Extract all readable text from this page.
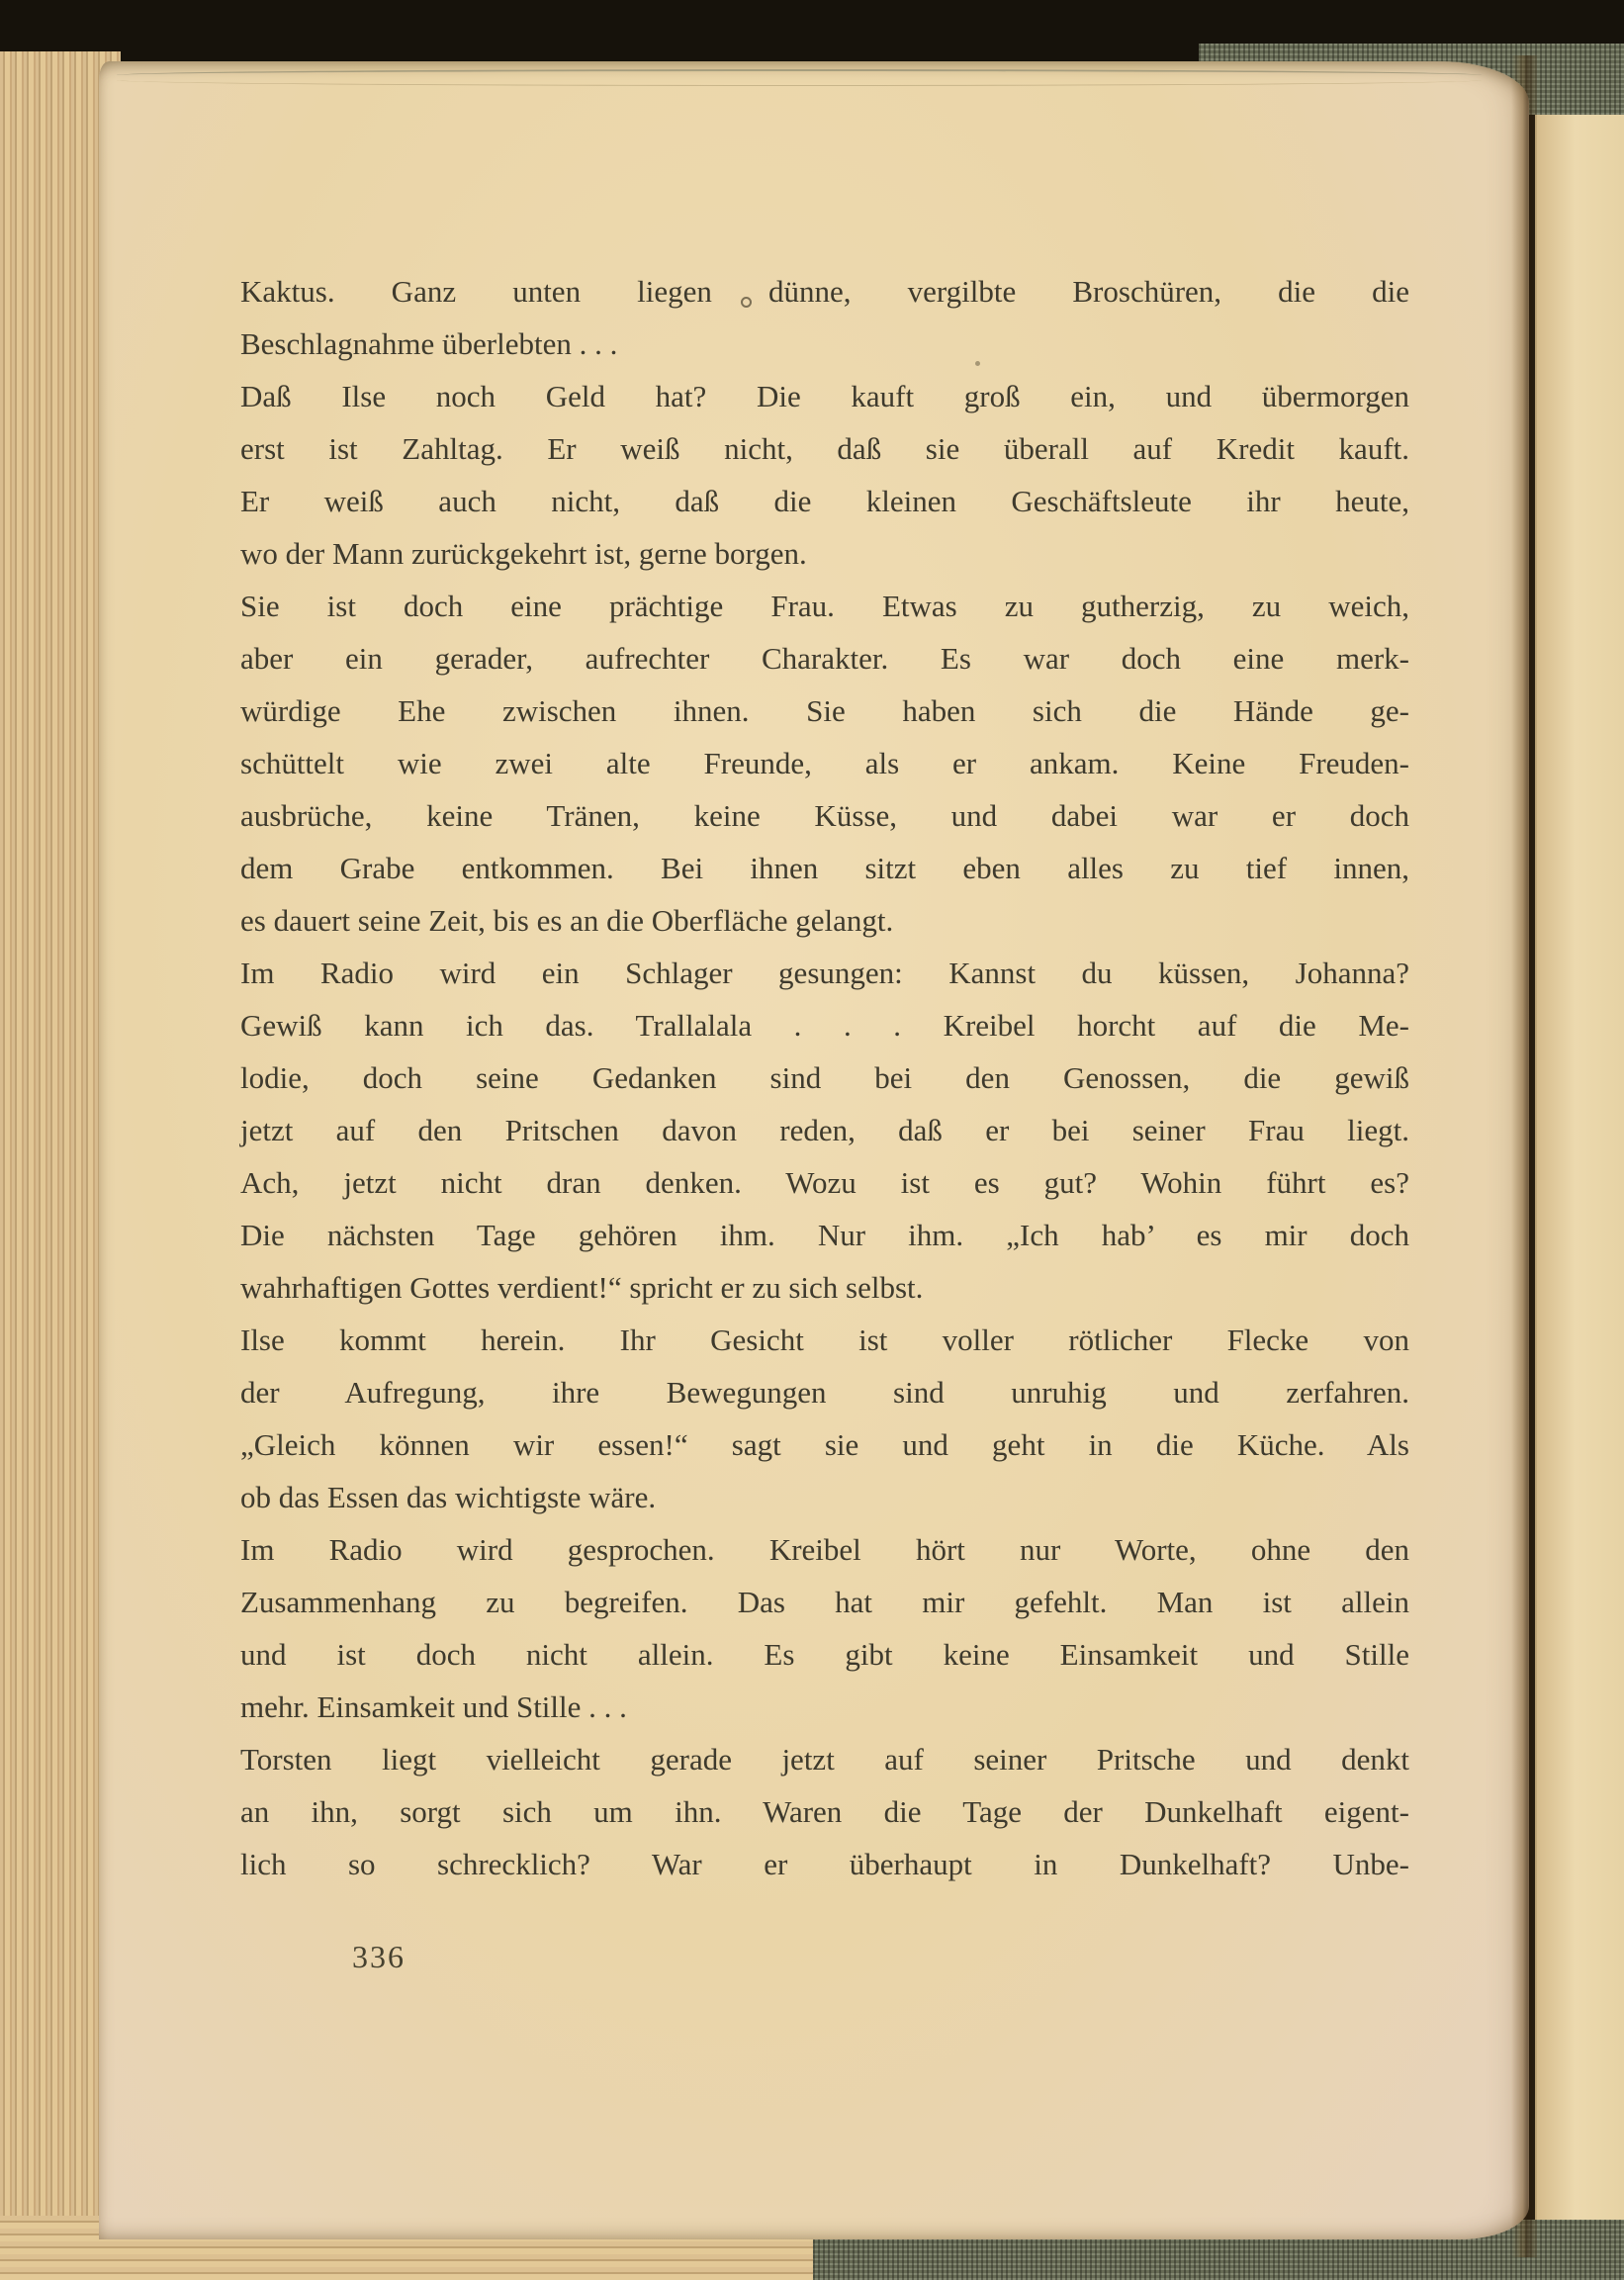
Kaktus. Ganz unten liegen dünne, vergilbte Broschüren, die die
Beschlagnahme überlebten . . .
Daß Ilse noch Geld hat? Die kauft groß ein, und übermorgen
erst ist Zahltag. Er weiß nicht, daß sie überall auf Kredit kauft.
Er weiß auch nicht, daß die kleinen Geschäftsleute ihr heute,
wo der Mann zurückgekehrt ist, gerne borgen.
Sie ist doch eine prächtige Frau. Etwas zu gutherzig, zu weich,
aber ein gerader, aufrechter Charakter. Es war doch eine merk-
würdige Ehe zwischen ihnen. Sie haben sich die Hände ge-
schüttelt wie zwei alte Freunde, als er ankam. Keine Freuden-
ausbrüche, keine Tränen, keine Küsse, und dabei war er doch
dem Grabe entkommen. Bei ihnen sitzt eben alles zu tief innen,
es dauert seine Zeit, bis es an die Oberfläche gelangt.
Im Radio wird ein Schlager gesungen: Kannst du küssen, Johanna?
Gewiß kann ich das. Trallalala . . . Kreibel horcht auf die Me-
lodie, doch seine Gedanken sind bei den Genossen, die gewiß
jetzt auf den Pritschen davon reden, daß er bei seiner Frau liegt.
Ach, jetzt nicht dran denken. Wozu ist es gut? Wohin führt es?
Die nächsten Tage gehören ihm. Nur ihm. „Ich hab’ es mir doch
wahrhaftigen Gottes verdient!“ spricht er zu sich selbst.
Ilse kommt herein. Ihr Gesicht ist voller rötlicher Flecke von
der Aufregung, ihre Bewegungen sind unruhig und zerfahren.
„Gleich können wir essen!“ sagt sie und geht in die Küche. Als
ob das Essen das wichtigste wäre.
Im Radio wird gesprochen. Kreibel hört nur Worte, ohne den
Zusammenhang zu begreifen. Das hat mir gefehlt. Man ist allein
und ist doch nicht allein. Es gibt keine Einsamkeit und Stille
mehr. Einsamkeit und Stille . . .
Torsten liegt vielleicht gerade jetzt auf seiner Pritsche und denkt
an ihn, sorgt sich um ihn. Waren die Tage der Dunkelhaft eigent-
lich so schrecklich? War er überhaupt in Dunkelhaft? Unbe-
336
